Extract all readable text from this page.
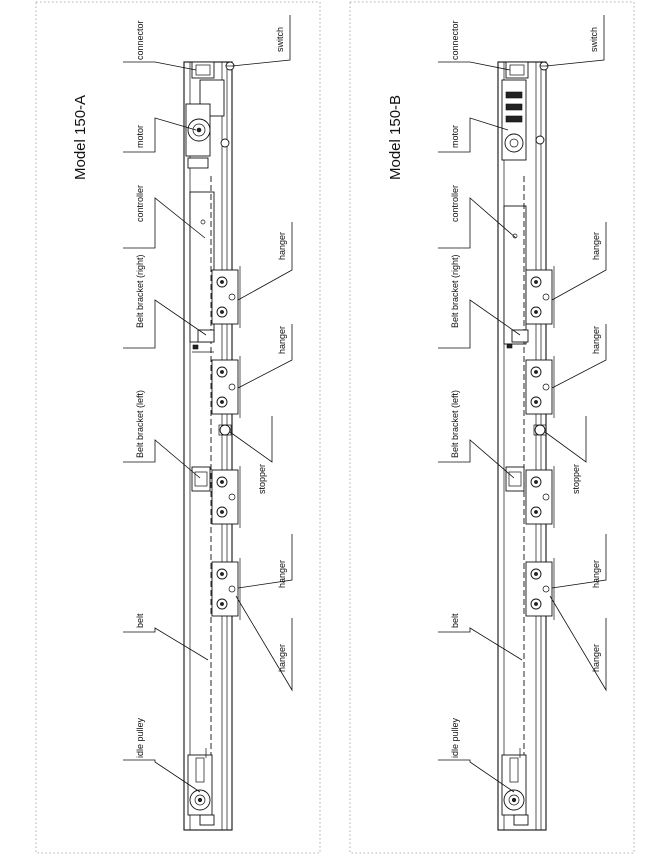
Model 150-A
connector
motor
controller
Belt bracket (right)
Belt bracket (left)
belt
idle pulley
switch
hanger
hanger
stopper
hanger
hanger
Model 150-B
connector
motor
controller
Belt bracket (right)
Belt bracket (left)
belt
idle pulley
switch
hanger
hanger
stopper
hanger
hanger
